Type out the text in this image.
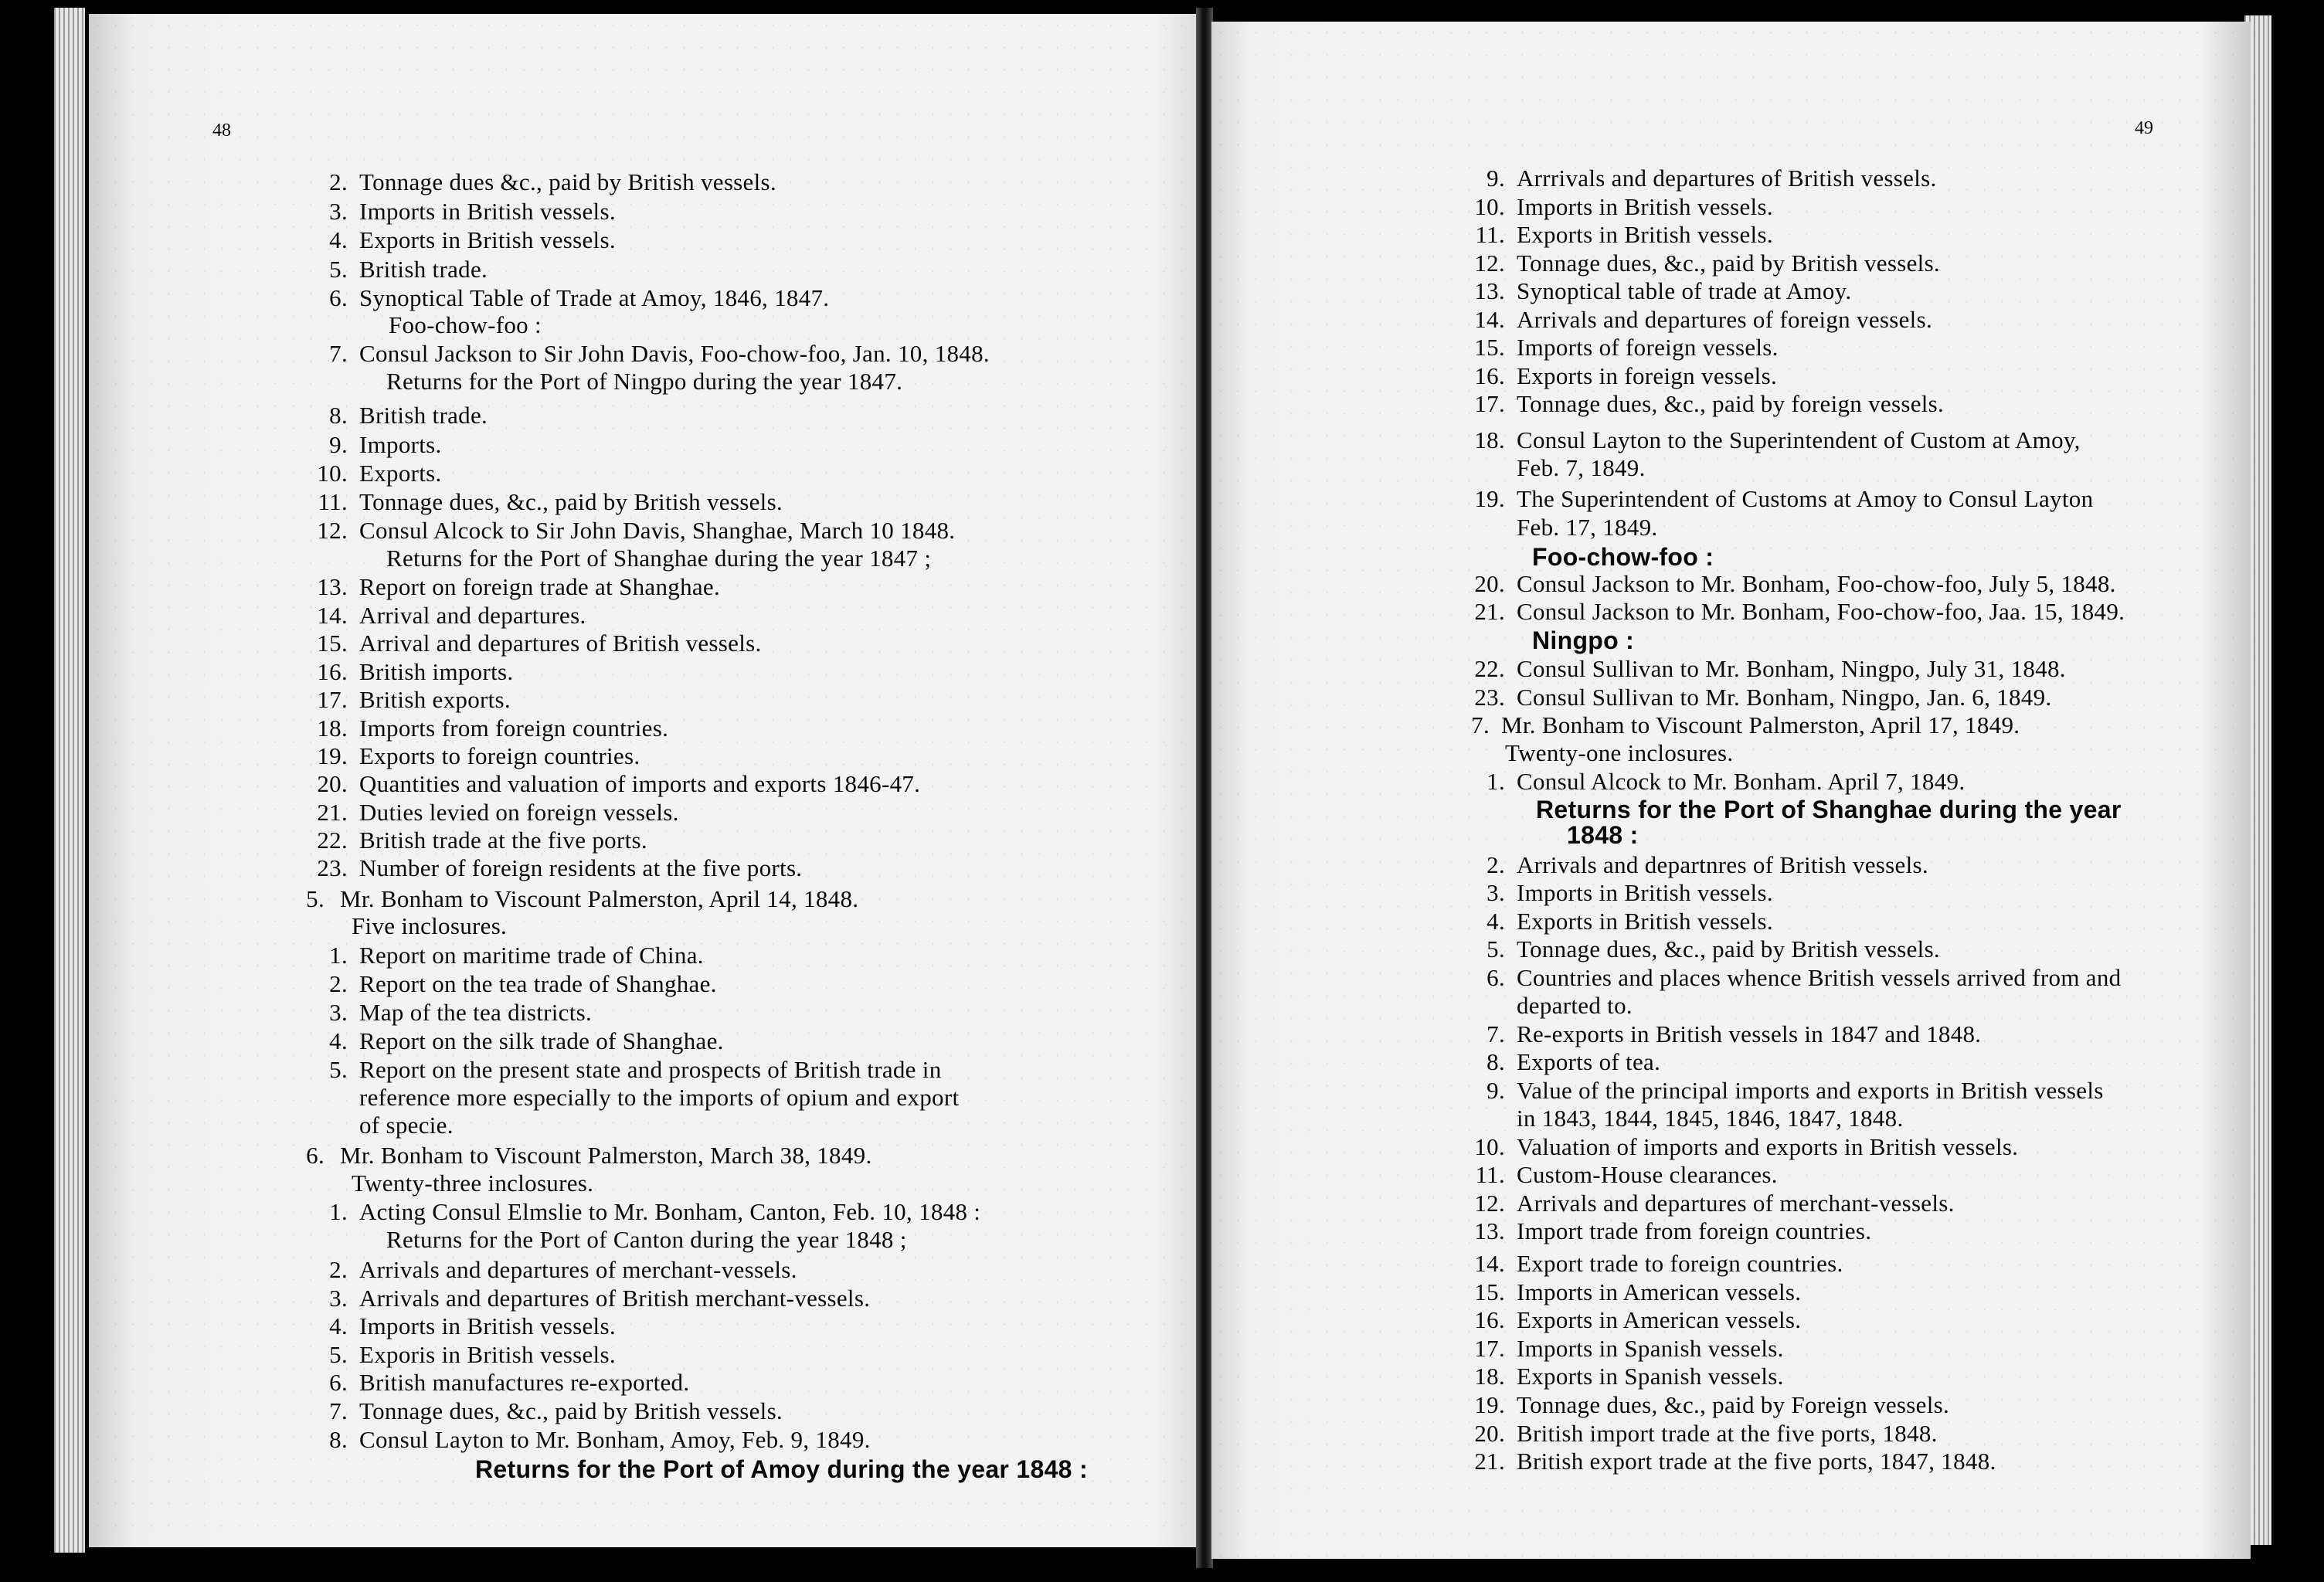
48
2. Tonnage dues &c., paid by British vessels.
3. Imports in British vessels.
4. Exports in British vessels.
5. British trade.
6. Synoptical Table of Trade at Amoy, 1846, 1847.
Foo-chow-foo :
7. Consul Jackson to Sir John Davis, Foo-chow-foo, Jan. 10, 1848.
Returns for the Port of Ningpo during the year 1847.
8. British trade.
9. Imports.
10. Exports.
11. Tonnage dues, &c., paid by British vessels.
12. Consul Alcock to Sir John Davis, Shanghae, March 10 1848.
Returns for the Port of Shanghae during the year 1847 ;
13. Report on foreign trade at Shanghae.
14. Arrival and departures.
15. Arrival and departures of British vessels.
16. British imports.
17. British exports.
18. Imports from foreign countries.
19. Exports to foreign countries.
20. Quantities and valuation of imports and exports 1846-47.
21. Duties levied on foreign vessels.
22. British trade at the five ports.
23. Number of foreign residents at the five ports.
5. Mr. Bonham to Viscount Palmerston, April 14, 1848.
Five inclosures.
1. Report on maritime trade of China.
2. Report on the tea trade of Shanghae.
3. Map of the tea districts.
4. Report on the silk trade of Shanghae.
5. Report on the present state and prospects of British trade in
reference more especially to the imports of opium and export
of specie.
6. Mr. Bonham to Viscount Palmerston, March 38, 1849.
Twenty-three inclosures.
1. Acting Consul Elmslie to Mr. Bonham, Canton, Feb. 10, 1848 :
Returns for the Port of Canton during the year 1848 ;
2. Arrivals and departures of merchant-vessels.
3. Arrivals and departures of British merchant-vessels.
4. Imports in British vessels.
5. Exporis in British vessels.
6. British manufactures re-exported.
7. Tonnage dues, &c., paid by British vessels.
8. Consul Layton to Mr. Bonham, Amoy, Feb. 9, 1849.
Returns for the Port of Amoy during the year 1848 :
49
9. Arrrivals and departures of British vessels.
10. Imports in British vessels.
11. Exports in British vessels.
12. Tonnage dues, &c., paid by British vessels.
13. Synoptical table of trade at Amoy.
14. Arrivals and departures of foreign vessels.
15. Imports of foreign vessels.
16. Exports in foreign vessels.
17. Tonnage dues, &c., paid by foreign vessels.
18. Consul Layton to the Superintendent of Custom at Amoy,
Feb. 7, 1849.
19. The Superintendent of Customs at Amoy to Consul Layton
Feb. 17, 1849.
Foo-chow-foo :
20. Consul Jackson to Mr. Bonham, Foo-chow-foo, July 5, 1848.
21. Consul Jackson to Mr. Bonham, Foo-chow-foo, Jaa. 15, 1849.
Ningpo :
22. Consul Sullivan to Mr. Bonham, Ningpo, July 31, 1848.
23. Consul Sullivan to Mr. Bonham, Ningpo, Jan. 6, 1849.
7. Mr. Bonham to Viscount Palmerston, April 17, 1849.
Twenty-one inclosures.
1. Consul Alcock to Mr. Bonham. April 7, 1849.
Returns for the Port of Shanghae during the year
1848 :
2. Arrivals and departnres of British vessels.
3. Imports in British vessels.
4. Exports in British vessels.
5. Tonnage dues, &c., paid by British vessels.
6. Countries and places whence British vessels arrived from and
departed to.
7. Re-exports in British vessels in 1847 and 1848.
8. Exports of tea.
9. Value of the principal imports and exports in British vessels
in 1843, 1844, 1845, 1846, 1847, 1848.
10. Valuation of imports and exports in British vessels.
11. Custom-House clearances.
12. Arrivals and departures of merchant-vessels.
13. Import trade from foreign countries.
14. Export trade to foreign countries.
15. Imports in American vessels.
16. Exports in American vessels.
17. Imports in Spanish vessels.
18. Exports in Spanish vessels.
19. Tonnage dues, &c., paid by Foreign vessels.
20. British import trade at the five ports, 1848.
21. British export trade at the five ports, 1847, 1848.
